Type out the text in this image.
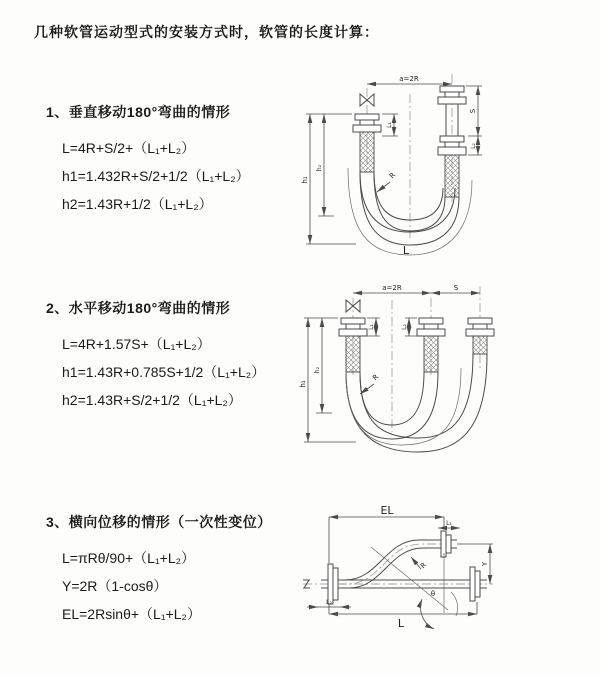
几种软管运动型式的安装方式时，软管的长度计算：
1、垂直移动180°弯曲的情形
L=4R+S/2+（L₁+L₂）
h1=1.432R+S/2+1/2（L₁+L₂）
h2=1.43R+1/2（L₁+L₂）
2、水平移动180°弯曲的情形
L=4R+1.57S+（L₁+L₂）
h1=1.43R+0.785S+1/2（L₁+L₂）
h2=1.43R+S/2+1/2（L₁+L₂）
3、横向位移的情形（一次性变位）
L=πRθ/90+（L₁+L₂）
Y=2R（1-cosθ）
EL=2Rsinθ+（L₁+L₂）
a=2R
L₁
S
L₂
h₁
h₂
R
L
a=2R	S
L₁	L₂
h₁
h₂
R
EL
L₁
Y
θ
R
L₂
L
